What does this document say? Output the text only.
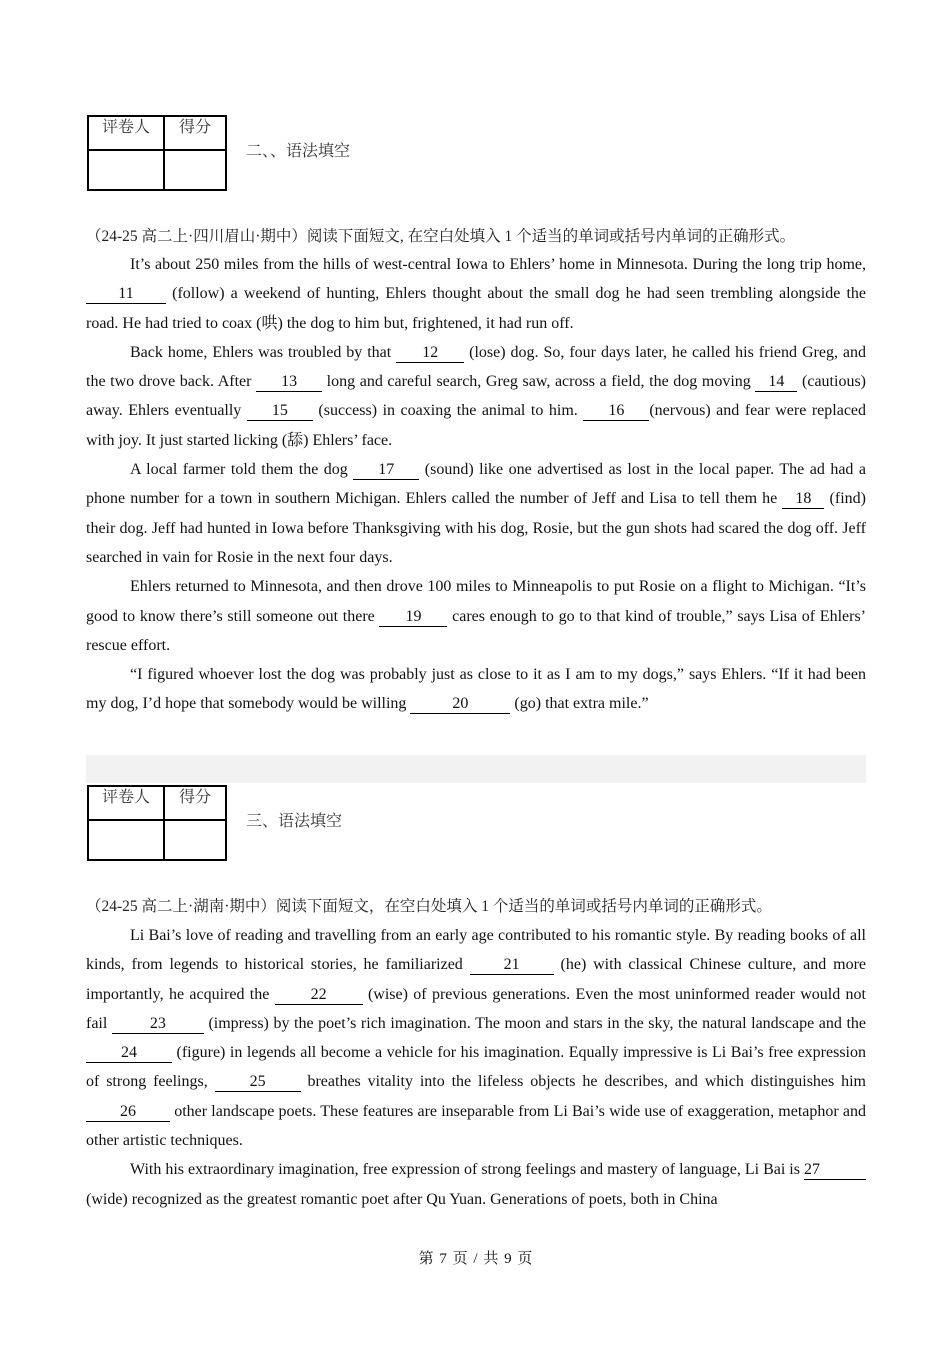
评卷人	得分

二、、语法填空
（24-25 高二上·四川眉山·期中）阅读下面短文, 在空白处填入 1 个适当的单词或括号内单词的正确形式。

It’s about 250 miles from the hills of west-central Iowa to Ehlers’ home in Minnesota. During the long trip home, 11 (follow) a weekend of hunting, Ehlers thought about the small dog he had seen trembling alongside the road. He had tried to coax (哄) the dog to him but, frightened, it had run off.

Back home, Ehlers was troubled by that 12 (lose) dog. So, four days later, he called his friend Greg, and the two drove back. After 13 long and careful search, Greg saw, across a field, the dog moving 14 (cautious) away. Ehlers eventually 15 (success) in coaxing the animal to him. 16 (nervous) and fear were replaced with joy. It just started licking (舔) Ehlers’ face.

A local farmer told them the dog 17 (sound) like one advertised as lost in the local paper. The ad had a phone number for a town in southern Michigan. Ehlers called the number of Jeff and Lisa to tell them he 18 (find) their dog. Jeff had hunted in Iowa before Thanksgiving with his dog, Rosie, but the gun shots had scared the dog off. Jeff searched in vain for Rosie in the next four days.

Ehlers returned to Minnesota, and then drove 100 miles to Minneapolis to put Rosie on a flight to Michigan. “It’s good to know there’s still someone out there 19 cares enough to go to that kind of trouble,” says Lisa of Ehlers’ rescue effort.

“I figured whoever lost the dog was probably just as close to it as I am to my dogs,” says Ehlers. “If it had been my dog, I’d hope that somebody would be willing	20	(go) that extra mile.”

评卷人	得分

三、语法填空
（24-25 高二上·湖南·期中）阅读下面短文，在空白处填入 1 个适当的单词或括号内单词的正确形式。

Li Bai’s love of reading and travelling from an early age contributed to his romantic style. By reading books of all kinds, from legends to historical stories, he familiarized 21 (he) with classical Chinese culture, and more importantly, he acquired the 22 (wise) of previous generations. Even the most uninformed reader would not fail 23 (impress) by the poet’s rich imagination. The moon and stars in the sky, the natural landscape and the 24 (figure) in legends all become a vehicle for his imagination. Equally impressive is Li Bai’s free expression of strong feelings, 25 breathes vitality into the lifeless objects he describes, and which distinguishes him 26 other landscape poets. These features are inseparable from Li Bai’s wide use of exaggeration, metaphor and other artistic techniques.

With his extraordinary imagination, free expression of strong feelings and mastery of language, Li Bai is 27 (wide) recognized as the greatest romantic poet after Qu Yuan. Generations of poets, both in China

第 7 页 / 共 9 页
